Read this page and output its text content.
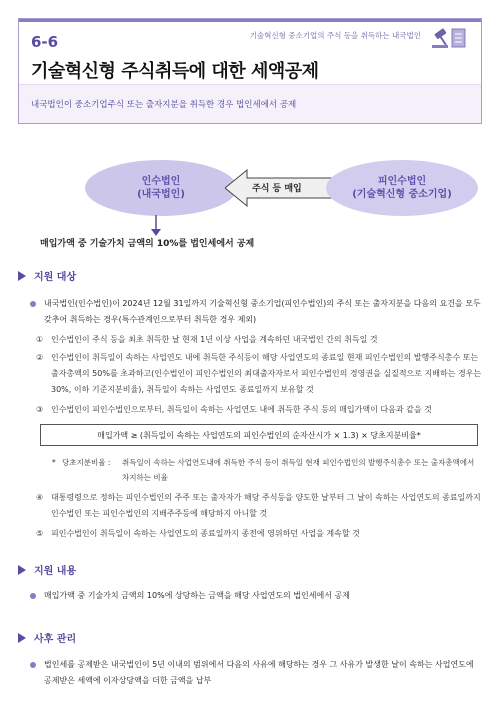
6-6	기술혁신형 중소기업의 주식 등을 취득하는 내국법인
기술혁신형 주식취득에 대한 세액공제
내국법인이 중소기업주식 또는 출자지분을 취득한 경우 법인세에서 공제
인수법인
(내국법인)	주식 등 매입
피인수법인
(기술혁신형 중소기업)
매입가액 중 기술가치 금액의 10%를 법인세에서 공제
지원 대상
내국법인(인수법인)이 2024년 12월 31일까지 기술혁신형 중소기업(피인수법인)의 주식 또는 출자지분을 다음의 요건을 모두 갖추어 취득하는 경우(특수관계인으로부터 취득한 경우 제외)
① 인수법인이 주식 등을 최초 취득한 날 현재 1년 이상 사업을 계속하던 내국법인 간의 취득일 것
② 인수법인이 취득일이 속하는 사업연도 내에 취득한 주식등이 해당 사업연도의 종료일 현재 피인수법인의 발행주식총수 또는 출자총액의 50%를 초과하고(인수법인이 피인수법인의 최대출자자로서 피인수법인의 경영권을 실질적으로 지배하는 경우는 30%, 이하 기준지분비율), 취득일이 속하는 사업연도 종료일까지 보유할 것
③ 인수법인이 피인수법인으로부터, 취득일이 속하는 사업연도 내에 취득한 주식 등의 매입가액이 다음과 같을 것
매입가액 ≥ (취득일이 속하는 사업연도의 피인수법인의 순자산시가 × 1.3) × 당초지분비율*
* 당초지분비율 :	취득일이 속하는 사업연도내에 취득한 주식 등이 취득일 현재 피인수법인의 발행주식총수 또는 출자총액에서 차지하는 비율
④ 대통령령으로 정하는 피인수법인의 주주 또는 출자자가 해당 주식등을 양도한 날부터 그 날이 속하는 사업연도의 종료일까지 인수법인 또는 피인수법인의 지배주주등에 해당하지 아니할 것
⑤ 피인수법인이 취득일이 속하는 사업연도의 종료일까지 종전에 영위하던 사업을 계속할 것
지원 내용
매입가액 중 기술가치 금액의 10%에 상당하는 금액을 해당 사업연도의 법인세에서 공제
사후 관리
법인세를 공제받은 내국법인이 5년 이내의 범위에서 다음의 사유에 해당하는 경우 그 사유가 발생한 날이 속하는 사업연도에 공제받은 세액에 이자상당액을 더한 금액을 납부
